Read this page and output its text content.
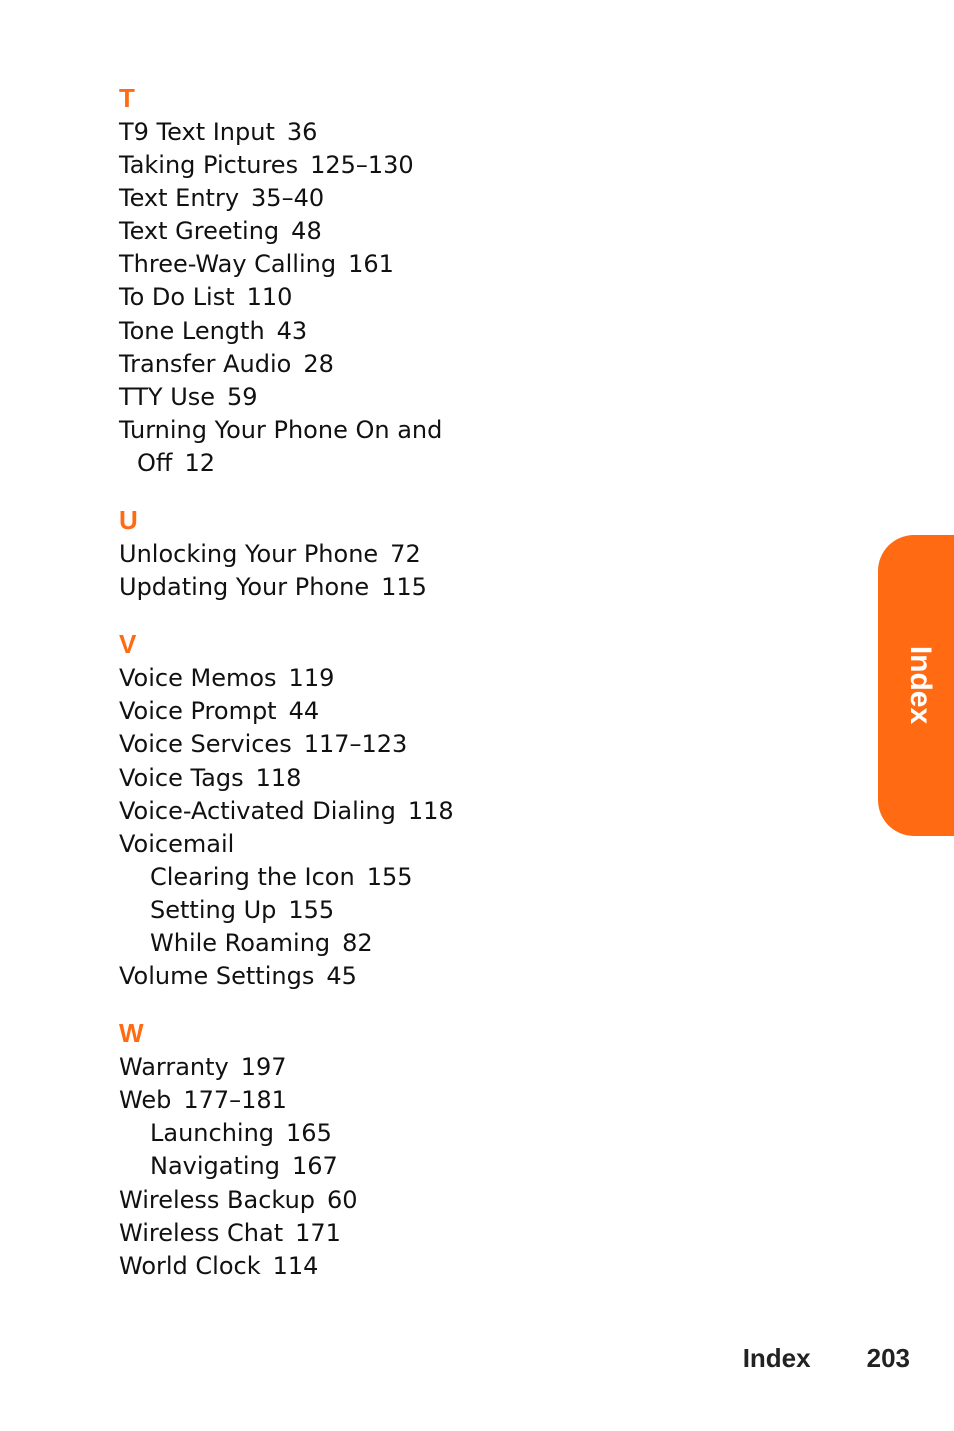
T
T9 Text Input 36
Taking Pictures 125–130
Text Entry 35–40
Text Greeting 48
Three-Way Calling 161
To Do List 110
Tone Length 43
Transfer Audio 28
TTY Use 59
Turning Your Phone On and
Off 12
U
Unlocking Your Phone 72
Updating Your Phone 115
V
Voice Memos 119
Voice Prompt 44
Voice Services 117–123
Voice Tags 118
Voice-Activated Dialing 118
Voicemail
Clearing the Icon 155
Setting Up 155
While Roaming 82
Volume Settings 45
W
Warranty 197
Web 177–181
Launching 165
Navigating 167
Wireless Backup 60
Wireless Chat 171
World Clock 114
Index
Index 203
